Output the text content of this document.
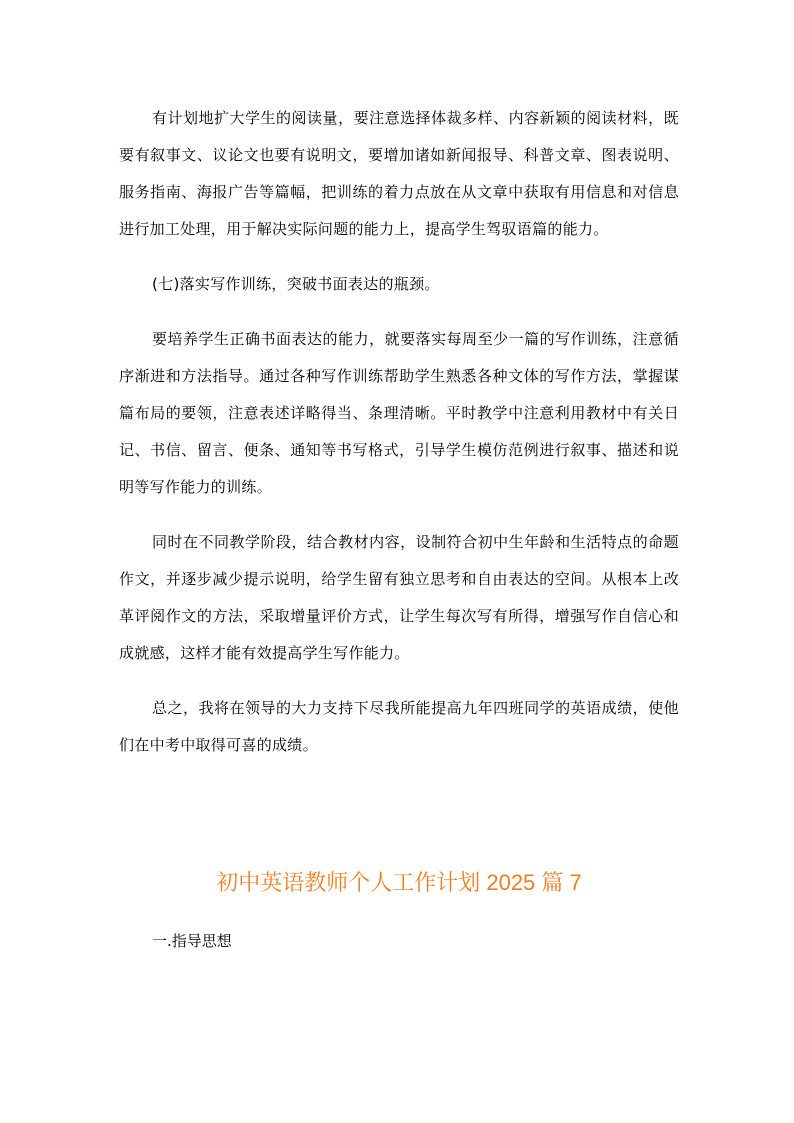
有计划地扩大学生的阅读量，要注意选择体裁多样、内容新颖的阅读材料，既要有叙事文、议论文也要有说明文，要增加诸如新闻报导、科普文章、图表说明、服务指南、海报广告等篇幅，把训练的着力点放在从文章中获取有用信息和对信息进行加工处理，用于解决实际问题的能力上，提高学生驾驭语篇的能力。

(七)落实写作训练，突破书面表达的瓶颈。

要培养学生正确书面表达的能力，就要落实每周至少一篇的写作训练，注意循序渐进和方法指导。通过各种写作训练帮助学生熟悉各种文体的写作方法，掌握谋篇布局的要领，注意表述详略得当、条理清晰。平时教学中注意利用教材中有关日记、书信、留言、便条、通知等书写格式，引导学生模仿范例进行叙事、描述和说明等写作能力的训练。

同时在不同教学阶段，结合教材内容，设制符合初中生年龄和生活特点的命题作文，并逐步减少提示说明，给学生留有独立思考和自由表达的空间。从根本上改革评阅作文的方法，采取增量评价方式，让学生每次写有所得，增强写作自信心和成就感，这样才能有效提高学生写作能力。

总之，我将在领导的大力支持下尽我所能提高九年四班同学的英语成绩，使他们在中考中取得可喜的成绩。

初中英语教师个人工作计划 2025 篇 7

一.指导思想
